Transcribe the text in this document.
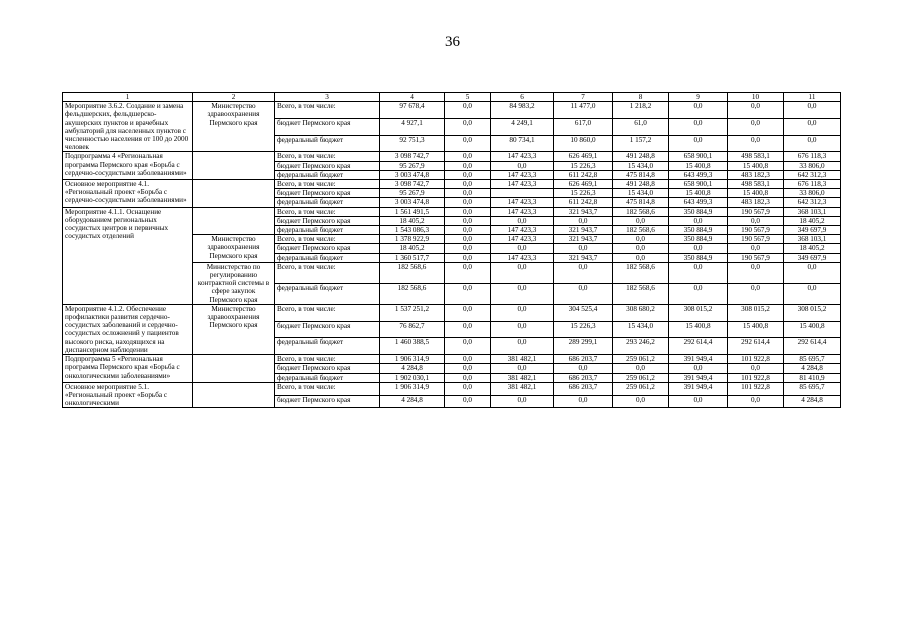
36
1	2	3	4	5	6	7	8	9	10	11
Мероприятие 3.6.2. Создание и замена фельдшерских, фельдшерско-акушерских пунктов и врачебных амбулаторий для населенных пунктов с численностью населения от 100 до 2000 человек	Министерство здравоохранения Пермского края	Всего, в том числе:	97 678,4	0,0	84 983,2	11 477,0	1 218,2	0,0	0,0	0,0
		бюджет Пермского края	4 927,1	0,0	4 249,1	617,0	61,0	0,0	0,0	0,0
		федеральный бюджет	92 751,3	0,0	80 734,1	10 860,0	1 157,2	0,0	0,0	0,0
Подпрограмма 4 «Региональная программа Пермского края «Борьба с сердечно-сосудистыми заболеваниями»		Всего, в том числе:	3 098 742,7	0,0	147 423,3	626 469,1	491 248,8	658 900,1	498 583,1	676 118,3
		бюджет Пермского края	95 267,9	0,0	0,0	15 226,3	15 434,0	15 400,8	15 400,8	33 806,0
		федеральный бюджет	3 003 474,8	0,0	147 423,3	611 242,8	475 814,8	643 499,3	483 182,3	642 312,3
Основное мероприятие 4.1. «Региональный проект «Борьба с сердечно-сосудистыми заболеваниями»		Всего, в том числе:	3 098 742,7	0,0	147 423,3	626 469,1	491 248,8	658 900,1	498 583,1	676 118,3
		бюджет Пермского края	95 267,9	0,0		15 226,3	15 434,0	15 400,8	15 400,8	33 806,0
		федеральный бюджет	3 003 474,8	0,0	147 423,3	611 242,8	475 814,8	643 499,3	483 182,3	642 312,3
Мероприятие 4.1.1. Оснащение оборудованием региональных сосудистых центров и первичных сосудистых отделений		Всего, в том числе:	1 561 491,5	0,0	147 423,3	321 943,7	182 568,6	350 884,9	190 567,9	368 103,1
		бюджет Пермского края	18 405,2	0,0	0,0	0,0	0,0	0,0	0,0	18 405,2
		федеральный бюджет	1 543 086,3	0,0	147 423,3	321 943,7	182 568,6	350 884,9	190 567,9	349 697,9
	Министерство здравоохранения Пермского края	Всего, в том числе:	1 378 922,9	0,0	147 423,3	321 943,7	0,0	350 884,9	190 567,9	368 103,1
		бюджет Пермского края	18 405,2	0,0	0,0	0,0	0,0	0,0	0,0	18 405,2
		федеральный бюджет	1 360 517,7	0,0	147 423,3	321 943,7	0,0	350 884,9	190 567,9	349 697,9
	Министерство по регулированию контрактной системы в сфере закупок Пермского края	Всего, в том числе:	182 568,6	0,0	0,0	0,0	182 568,6	0,0	0,0	0,0
		федеральный бюджет	182 568,6	0,0	0,0	0,0	182 568,6	0,0	0,0	0,0
Мероприятие 4.1.2. Обеспечение профилактики развития сердечно-сосудистых заболеваний и сердечно-сосудистых осложнений у пациентов высокого риска, находящихся на диспансерном наблюдении	Министерство здравоохранения Пермского края	Всего, в том числе:	1 537 251,2	0,0	0,0	304 525,4	308 680,2	308 015,2	308 015,2	308 015,2
		бюджет Пермского края	76 862,7	0,0	0,0	15 226,3	15 434,0	15 400,8	15 400,8	15 400,8
		федеральный бюджет	1 460 388,5	0,0	0,0	289 299,1	293 246,2	292 614,4	292 614,4	292 614,4
Подпрограмма 5 «Региональная программа Пермского края «Борьба с онкологическими заболеваниями»		Всего, в том числе:	1 906 314,9	0,0	381 482,1	686 203,7	259 061,2	391 949,4	101 922,8	85 695,7
		бюджет Пермского края	4 284,8	0,0	0,0	0,0	0,0	0,0	0,0	4 284,8
		федеральный бюджет	1 902 030,1	0,0	381 482,1	686 203,7	259 061,2	391 949,4	101 922,8	81 410,9
Основное мероприятие 5.1. «Региональный проект «Борьба с онкологическими		Всего, в том числе:	1 906 314,9	0,0	381 482,1	686 203,7	259 061,2	391 949,4	101 922,8	85 695,7
		бюджет Пермского края	4 284,8	0,0	0,0	0,0	0,0	0,0	0,0	4 284,8
